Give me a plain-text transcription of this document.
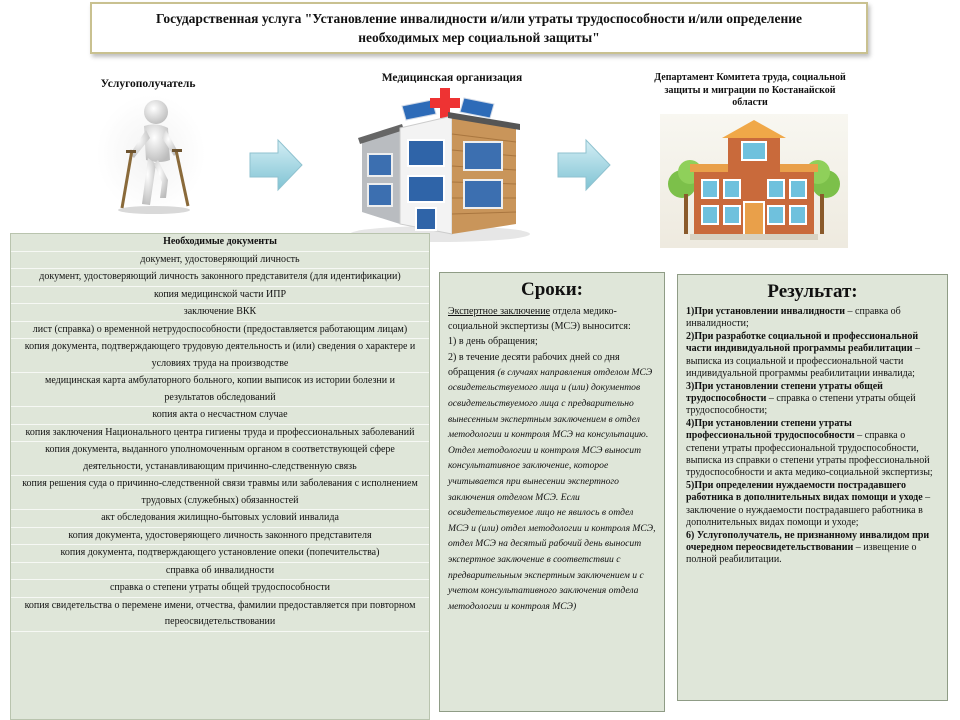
Государственная услуга "Установление инвалидности и/или утраты трудоспособности и/или определение необходимых мер социальной защиты"
Услугополучатель	Медицинская организация	Департамент Комитета труда, социальной защиты и миграции по Костанайской области
Необходимые документы
документ, удостоверяющий личность
документ, удостоверяющий личность законного представителя (для идентификации)
копия медицинской части ИПР
заключение ВКК
лист (справка) о временной нетрудоспособности (предоставляется работающим лицам)
копия документа, подтверждающего трудовую деятельность и (или) сведения о характере и условиях труда на производстве
медицинская карта амбулаторного больного, копии выписок из истории болезни и результатов обследований
копия акта о несчастном случае
копия заключения Национального центра гигиены труда и профессиональных заболеваний
копия документа, выданного уполномоченным органом в соответствующей сфере деятельности, устанавливающим причинно-следственную связь
копия решения суда о причинно-следственной связи травмы или заболевания с исполнением трудовых (служебных) обязанностей
акт обследования жилищно-бытовых условий инвалида
копия документа, удостоверяющего личность законного представителя
копия документа, подтверждающего установление опеки (попечительства)
справка об инвалидности
справка о степени утраты общей трудоспособности
копия свидетельства о перемене имени, отчества, фамилии предоставляется при повторном переосвидетельствовании
Сроки:

Экспертное заключение отдела медико-социальной экспертизы (МСЭ) выносится:

1) в день обращения;

2) в течение десяти рабочих дней со дня обращения (в случаях направления отделом МСЭ освидетельствуемого лица и (или) документов освидетельствуемого лица с предварительно вынесенным экспертным заключением в отдел методологии и контроля МСЭ на консультацию. Отдел методологии и контроля МСЭ выносит консультативное заключение, которое учитывается при вынесении экспертного заключения отделом МСЭ. Если освидетельствуемое лицо не явилось в отдел МСЭ и (или) отдел методологии и контроля МСЭ, отдел МСЭ на десятый рабочий день выносит экспертное заключение в соответствии с предварительным экспертным заключением и с учетом консультативного заключения отдела методологии и контроля МСЭ)

Результат:

1)При установлении инвалидности – справка об инвалидности;

2)При разработке социальной и профессиональной части индивидуальной программы реабилитации – выписка из социальной и профессиональной части индивидуальной программы реабилитации инвалида;

3)При установлении степени утраты общей трудоспособности – справка о степени утраты общей трудоспособности;

4)При установлении степени утраты профессиональной трудоспособности – справка о степени утраты профессиональной трудоспособности, выписка из справки о степени утраты профессиональной трудоспособности и акта медико-социальной экспертизы;

5)При определении нуждаемости пострадавшего работника в дополнительных видах помощи и уходе – заключение о нуждаемости пострадавшего работника в дополнительных видах помощи и уходе;

6) Услугополучатель, не признанному инвалидом при очередном переосвидетельствовании – извещение о полной реабилитации.
